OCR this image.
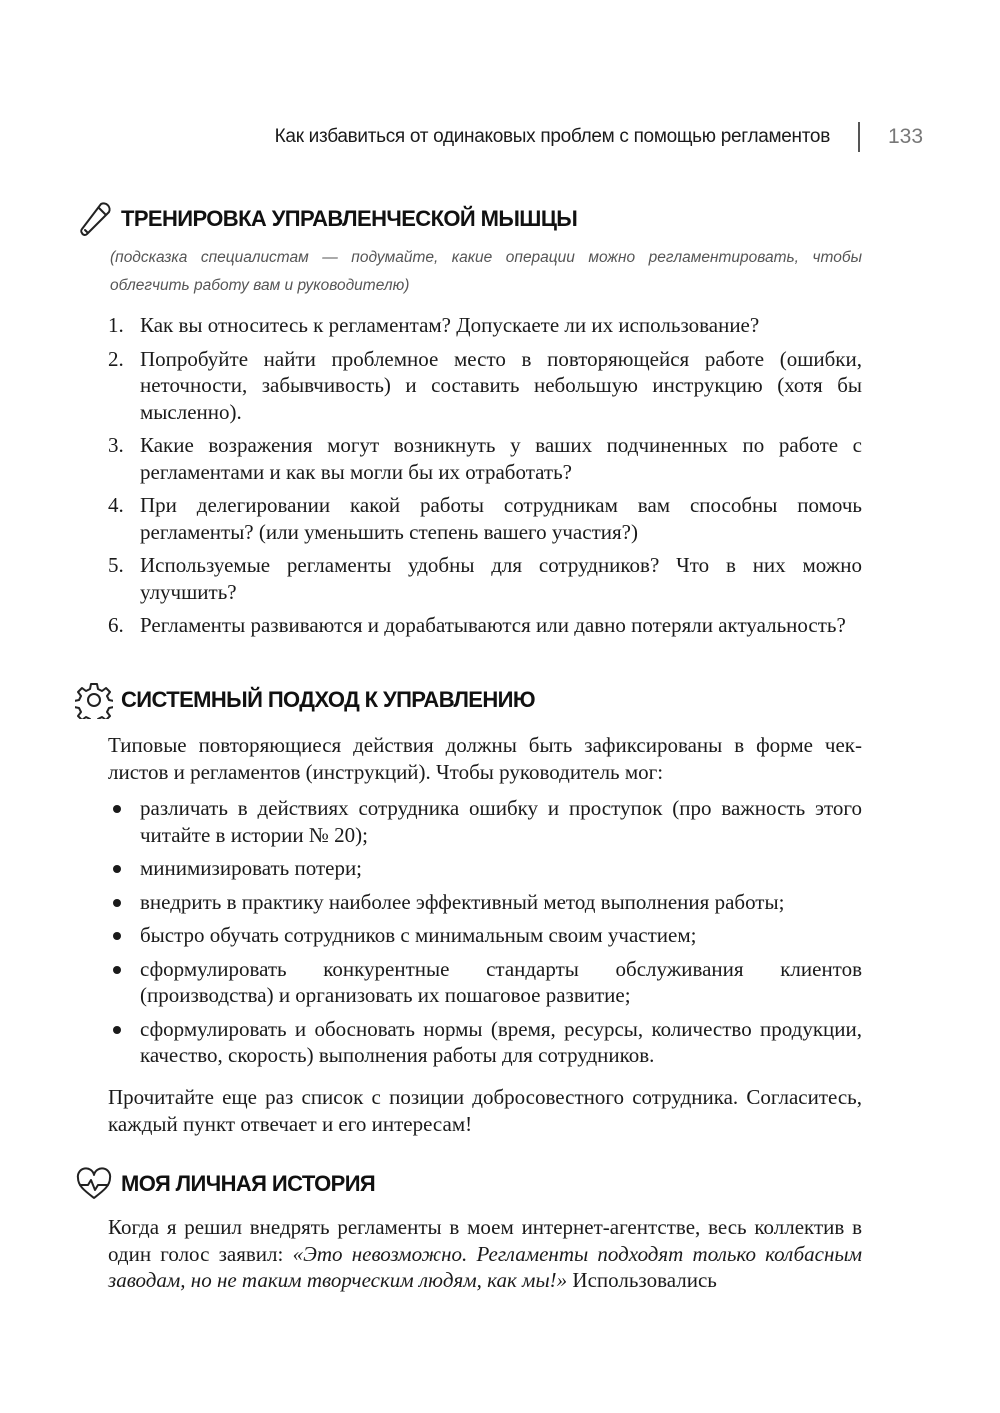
Как избавиться от одинаковых проблем с помощью регламентов	133
ТРЕНИРОВКА УПРАВЛЕНЧЕСКОЙ МЫШЦЫ

(подсказка специалистам — подумайте, какие операции можно регламентировать, чтобы облегчить работу вам и руководителю)

1. Как вы относитесь к регламентам? Допускаете ли их использование?
2. Попробуйте найти проблемное место в повторяющейся работе (ошибки, неточности, забывчивость) и составить небольшую инструкцию (хотя бы мысленно).
3. Какие возражения могут возникнуть у ваших подчиненных по работе с регламентами и как вы могли бы их отработать?
4. При делегировании какой работы сотрудникам вам способны помочь регламенты? (или уменьшить степень вашего участия?)
5. Используемые регламенты удобны для сотрудников? Что в них можно улучшить?
6. Регламенты развиваются и дорабатываются или давно потеряли актуальность?
СИСТЕМНЫЙ ПОДХОД К УПРАВЛЕНИЮ

Типовые повторяющиеся действия должны быть зафиксированы в форме чек-листов и регламентов (инструкций). Чтобы руководитель мог:

различать в действиях сотрудника ошибку и проступок (про важность этого читайте в истории № 20);
минимизировать потери;
внедрить в практику наиболее эффективный метод выполнения работы;
быстро обучать сотрудников с минимальным своим участием;
сформулировать конкурентные стандарты обслуживания клиентов (производства) и организовать их пошаговое развитие;
сформулировать и обосновать нормы (время, ресурсы, количество продукции, качество, скорость) выполнения работы для сотрудников.

Прочитайте еще раз список с позиции добросовестного сотрудника. Согласитесь, каждый пункт отвечает и его интересам!

МОЯ ЛИЧНАЯ ИСТОРИЯ

Когда я решил внедрять регламенты в моем интернет-агентстве, весь коллектив в один голос заявил: «Это невозможно. Регламенты подходят только колбасным заводам, но не таким творческим людям, как мы!» Использовались
